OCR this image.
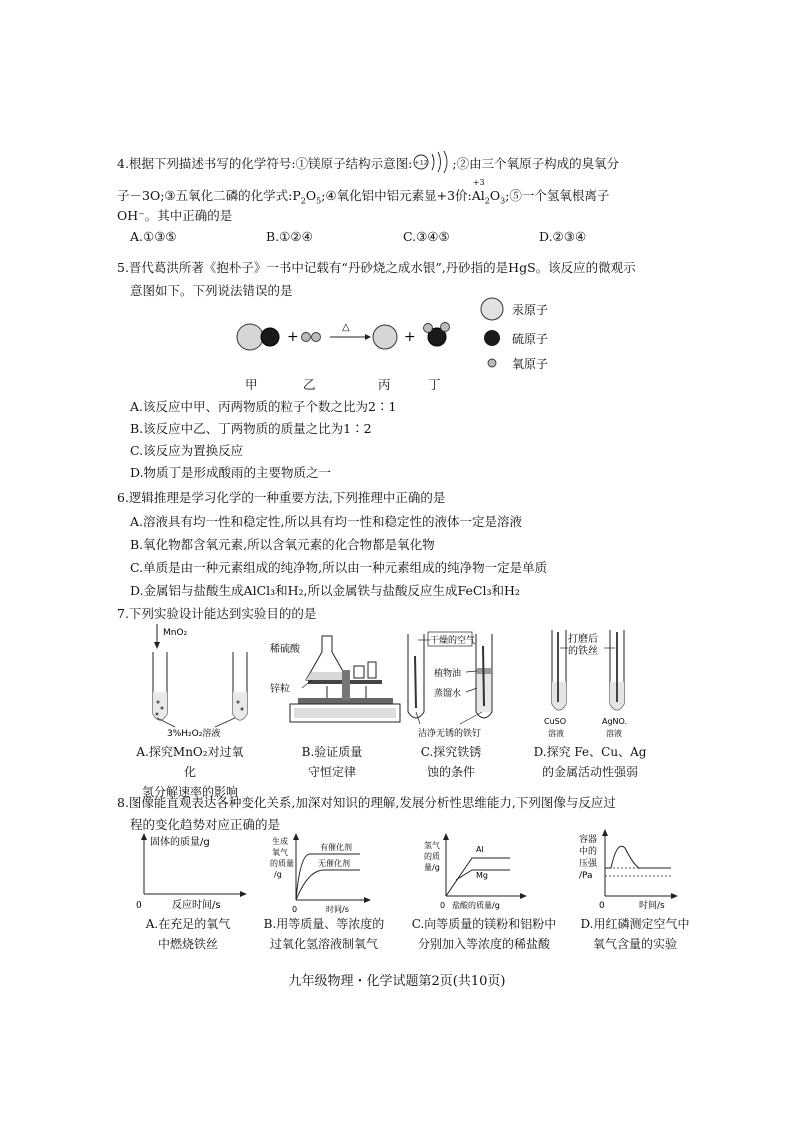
4.根据下列描述书写的化学符号:①镁原子结构示意图: +12 ;②由三个氧原子构成的臭氧分
子－3O;③五氧化二磷的化学式$:P_2O_5;④$氧化铝中铝元素显+3价:
+3
$Al_2O_3;⑤$一个氢氧根离子
OH⁻。其中正确的是
A.①③⑤	B.①②④	C.③④⑤	D.②③④
5.晋代葛洪所著《抱朴子》一书中记载有“丹砂烧之成水银”,丹砂指的是HgS。该反应的微观示
意图如下。下列说法错误的是
+
△
+
汞原子
硫原子
氧原子
甲	乙	丙	丁
A.该反应中甲、丙两物质的粒子个数之比为2∶1
B.该反应中乙、丁两物质的质量之比为1∶2
C.该反应为置换反应
D.物质丁是形成酸雨的主要物质之一
6.逻辑推理是学习化学的一种重要方法,下列推理中正确的是
A.溶液具有均一性和稳定性,所以具有均一性和稳定性的液体一定是溶液
B.氧化物都含氧元素,所以含氧元素的化合物都是氧化物
C.单质是由一种元素组成的纯净物,所以由一种元素组成的纯净物一定是单质
D.金属铝与盐酸生成AlCl₃和H₂,所以金属铁与盐酸反应生成FeCl₃和H₂
7.下列实验设计能达到实验目的的是
MnO₂
3%H₂O₂溶液
稀硫酸
锌粒
干燥的空气
植物油
蒸馏水
洁净无锈的铁钉
打磨后
的铁丝
CuSO
溶液
AgNO.
溶液
A.探究MnO₂对过氧化
氢分解速率的影响
B.验证质量
守恒定律
C.探究铁锈
蚀的条件
D.探究 Fe、Cu、Ag
的金属活动性强弱
8.图像能直观表达各种变化关系,加深对知识的理解,发展分析性思维能力,下列图像与反应过
程的变化趋势对应正确的是
固体的质量/g
0	反应时间/s
生成
氧气
的质量
/g
0	时间/s
有催化剂
无催化剂
氢气
的质
量/g
0 盐酸的质量/g
Al
Mg
容器
中的
压强
/Pa
0	时间/s
A.在充足的氧气
中燃烧铁丝
B.用等质量、等浓度的
过氧化氢溶液制氧气
C.向等质量的镁粉和铝粉中
分别加入等浓度的稀盐酸
D.用红磷测定空气中
氧气含量的实验
九年级物理・化学试题第2页(共10页)
